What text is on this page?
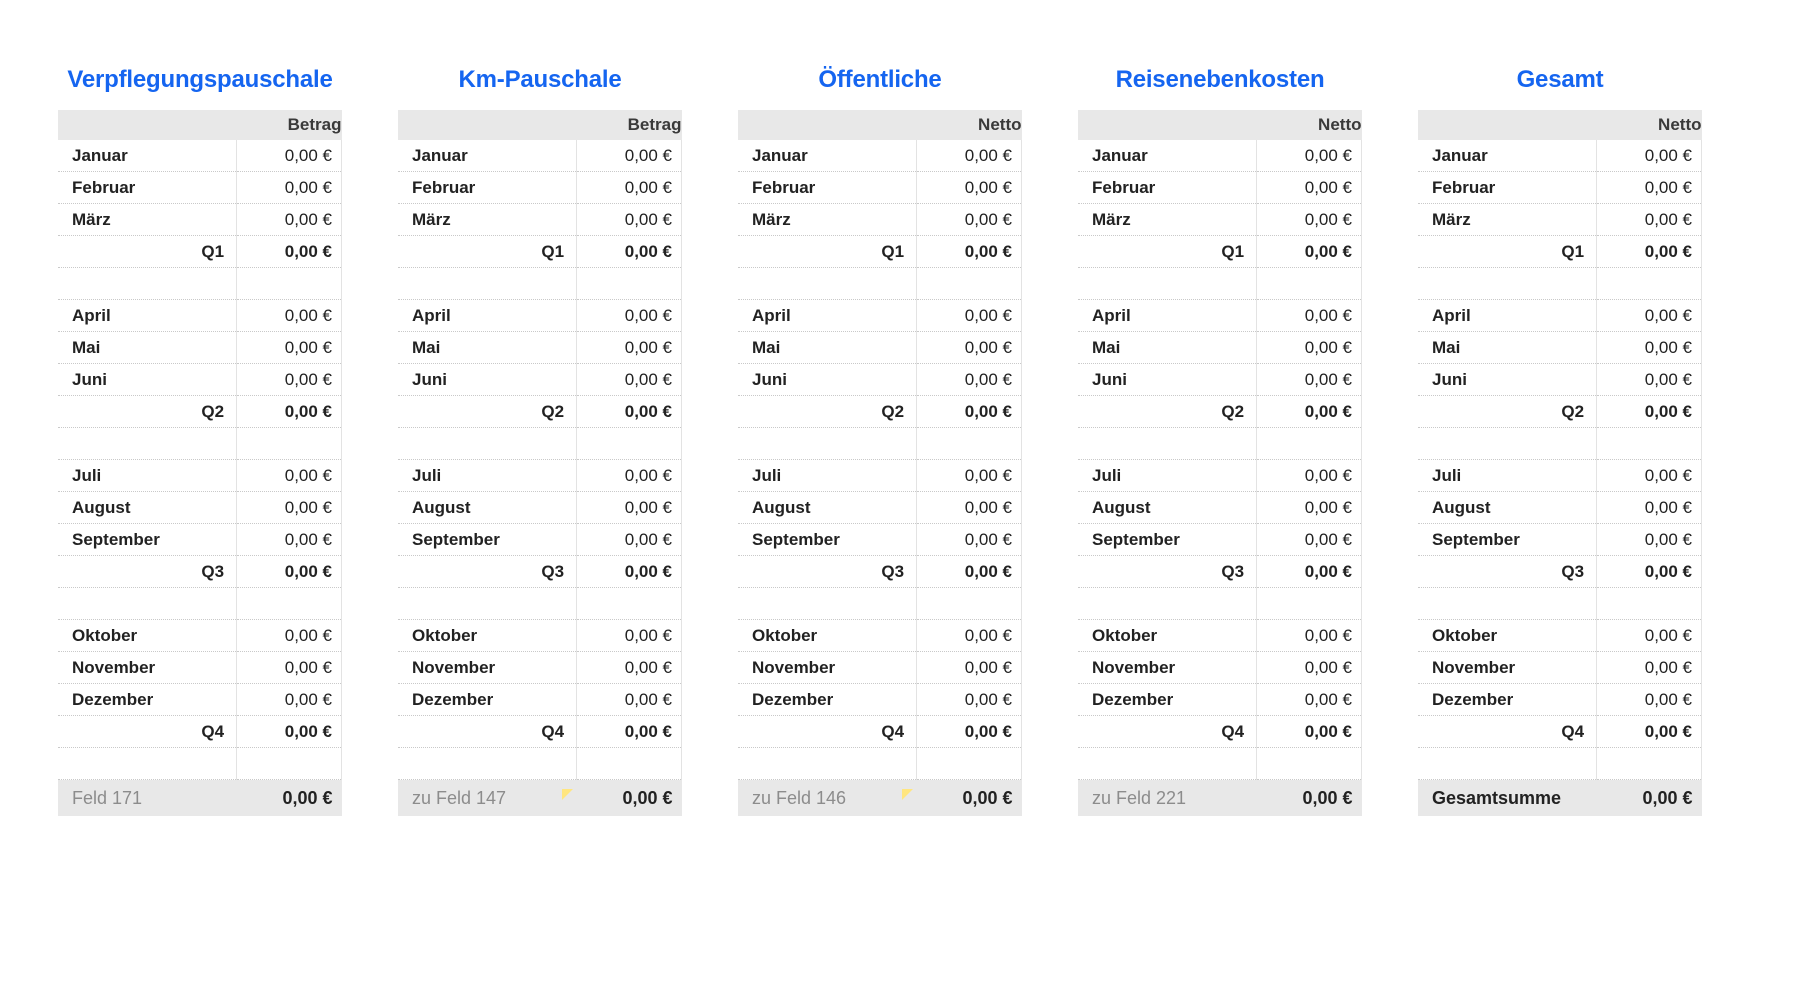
Verpflegungspauschale
	Betrag
Januar	0,00 €
Februar	0,00 €
März	0,00 €
Q1	0,00 €

April	0,00 €
Mai	0,00 €
Juni	0,00 €
Q2	0,00 €

Juli	0,00 €
August	0,00 €
September	0,00 €
Q3	0,00 €

Oktober	0,00 €
November	0,00 €
Dezember	0,00 €
Q4	0,00 €

Feld 171	0,00 €
Km-Pauschale
	Betrag
Januar	0,00 €
Februar	0,00 €
März	0,00 €
Q1	0,00 €

April	0,00 €
Mai	0,00 €
Juni	0,00 €
Q2	0,00 €

Juli	0,00 €
August	0,00 €
September	0,00 €
Q3	0,00 €

Oktober	0,00 €
November	0,00 €
Dezember	0,00 €
Q4	0,00 €

zu Feld 147	0,00 €
Öffentliche
	Netto
Januar	0,00 €
Februar	0,00 €
März	0,00 €
Q1	0,00 €

April	0,00 €
Mai	0,00 €
Juni	0,00 €
Q2	0,00 €

Juli	0,00 €
August	0,00 €
September	0,00 €
Q3	0,00 €

Oktober	0,00 €
November	0,00 €
Dezember	0,00 €
Q4	0,00 €

zu Feld 146	0,00 €
Reisenebenkosten
	Netto
Januar	0,00 €
Februar	0,00 €
März	0,00 €
Q1	0,00 €

April	0,00 €
Mai	0,00 €
Juni	0,00 €
Q2	0,00 €

Juli	0,00 €
August	0,00 €
September	0,00 €
Q3	0,00 €

Oktober	0,00 €
November	0,00 €
Dezember	0,00 €
Q4	0,00 €

zu Feld 221	0,00 €
Gesamt
	Netto
Januar	0,00 €
Februar	0,00 €
März	0,00 €
Q1	0,00 €

April	0,00 €
Mai	0,00 €
Juni	0,00 €
Q2	0,00 €

Juli	0,00 €
August	0,00 €
September	0,00 €
Q3	0,00 €

Oktober	0,00 €
November	0,00 €
Dezember	0,00 €
Q4	0,00 €

Gesamtsumme	0,00 €
